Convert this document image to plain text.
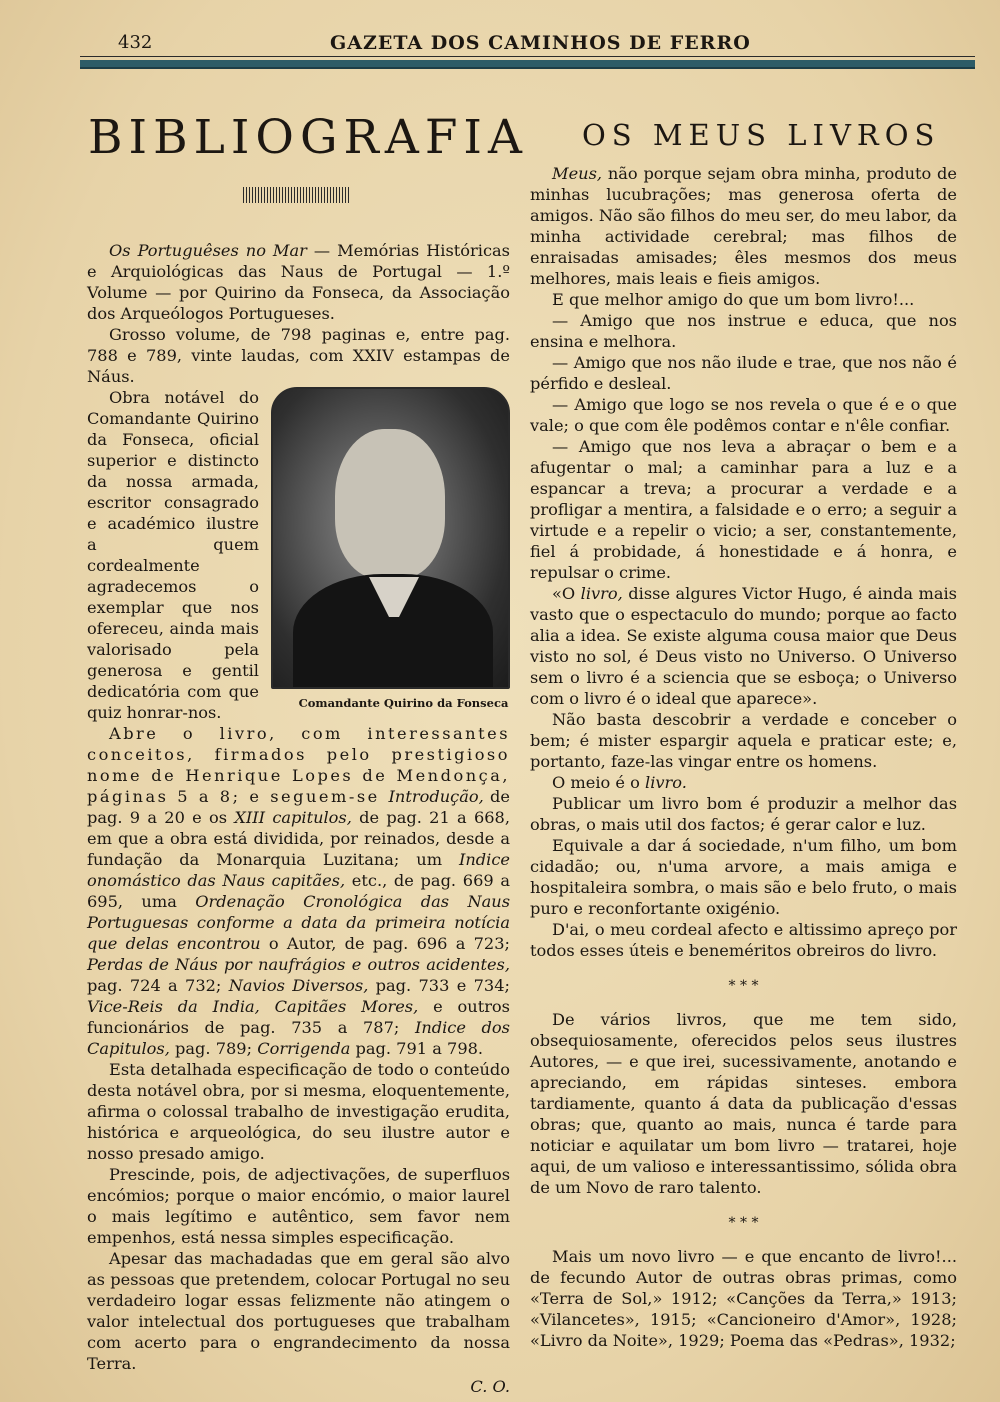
432	GAZETA DOS CAMINHOS DE FERRO
BIBLIOGRAFIA OS MEUS LIVROS

Os Portuguêses no Mar — Memórias Históricas e Arquiológicas das Naus de Portugal — 1.º Volume — por Quirino da Fonseca, da Associação dos Arqueólogos Portugueses.

Grosso volume, de 798 paginas e, entre pag. 788 e 789, vinte laudas, com XXIV estampas de Náus.

Comandante Quirino da Fonseca
Obra notável do Comandante Quirino da Fonseca, oficial superior e distincto da nossa armada, escritor consagrado e académico ilustre a quem cordealmente agradecemos o exemplar que nos ofereceu, ainda mais valorisado pela generosa e gentil dedicatória com que quiz honrar-nos.

Abre o livro, com interessantes conceitos, firmados pelo prestigioso nome de Henrique Lopes de Mendonça, páginas 5 a 8; e seguem-se Introdução, de pag. 9 a 20 e os XIII capitulos, de pag. 21 a 668, em que a obra está dividida, por reinados, desde a fundação da Monarquia Luzitana; um Indice onomástico das Naus capitães, etc., de pag. 669 a 695, uma Ordenação Cronológica das Naus Portuguesas conforme a data da primeira notícia que delas encontrou o Autor, de pag. 696 a 723; Perdas de Náus por naufrágios e outros acidentes, pag. 724 a 732; Navios Diversos, pag. 733 e 734; Vice-Reis da India, Capitães Mores, e outros funcionários de pag. 735 a 787; Indice dos Capitulos, pag. 789; Corrigenda pag. 791 a 798.

Esta detalhada especificação de todo o conteúdo desta notável obra, por si mesma, eloquentemente, afirma o colossal trabalho de investigação erudita, histórica e arqueológica, do seu ilustre autor e nosso presado amigo.

Prescinde, pois, de adjectivações, de superfluos encómios; porque o maior encómio, o maior laurel o mais legítimo e autêntico, sem favor nem empenhos, está nessa simples especificação.

Apesar das machadadas que em geral são alvo as pessoas que pretendem, colocar Portugal no seu verdadeiro logar essas felizmente não atingem o valor intelectual dos portugueses que trabalham com acerto para o engrandecimento da nossa Terra.

C. O.

Meus, não porque sejam obra minha, produto de minhas lucubrações; mas generosa oferta de amigos. Não são filhos do meu ser, do meu labor, da minha actividade cerebral; mas filhos de enraisadas amisades; êles mesmos dos meus melhores, mais leais e fieis amigos.

E que melhor amigo do que um bom livro!...

— Amigo que nos instrue e educa, que nos ensina e melhora.

— Amigo que nos não ilude e trae, que nos não é pérfido e desleal.

— Amigo que logo se nos revela o que é e o que vale; o que com êle podêmos contar e n'êle confiar.

— Amigo que nos leva a abraçar o bem e a afugentar o mal; a caminhar para a luz e a espancar a treva; a procurar a verdade e a profligar a mentira, a falsidade e o erro; a seguir a virtude e a repelir o vicio; a ser, constantemente, fiel á probidade, á honestidade e á honra, e repulsar o crime.

«O livro, disse algures Victor Hugo, é ainda mais vasto que o espectaculo do mundo; porque ao facto alia a idea. Se existe alguma cousa maior que Deus visto no sol, é Deus visto no Universo. O Universo sem o livro é a sciencia que se esboça; o Universo com o livro é o ideal que aparece».

Não basta descobrir a verdade e conceber o bem; é mister espargir aquela e praticar este; e, portanto, faze-las vingar entre os homens.

O meio é o livro.

Publicar um livro bom é produzir a melhor das obras, o mais util dos factos; é gerar calor e luz.

Equivale a dar á sociedade, n'um filho, um bom cidadão; ou, n'uma arvore, a mais amiga e hospitaleira sombra, o mais são e belo fruto, o mais puro e reconfortante oxigénio.

D'ai, o meu cordeal afecto e altissimo apreço por todos esses úteis e beneméritos obreiros do livro.

* * *

De vários livros, que me tem sido, obsequiosamente, oferecidos pelos seus ilustres Autores, — e que irei, sucessivamente, anotando e apreciando, em rápidas sinteses. embora tardiamente, quanto á data da publicação d'essas obras; que, quanto ao mais, nunca é tarde para noticiar e aquilatar um bom livro — tratarei, hoje aqui, de um valioso e interessantissimo, sólida obra de um Novo de raro talento.

* * *

Mais um novo livro — e que encanto de livro!... de fecundo Autor de outras obras primas, como «Terra de Sol,» 1912; «Canções da Terra,» 1913; «Vilancetes», 1915; «Cancioneiro d'Amor», 1928; «Livro da Noite», 1929; Poema das «Pedras», 1932;
